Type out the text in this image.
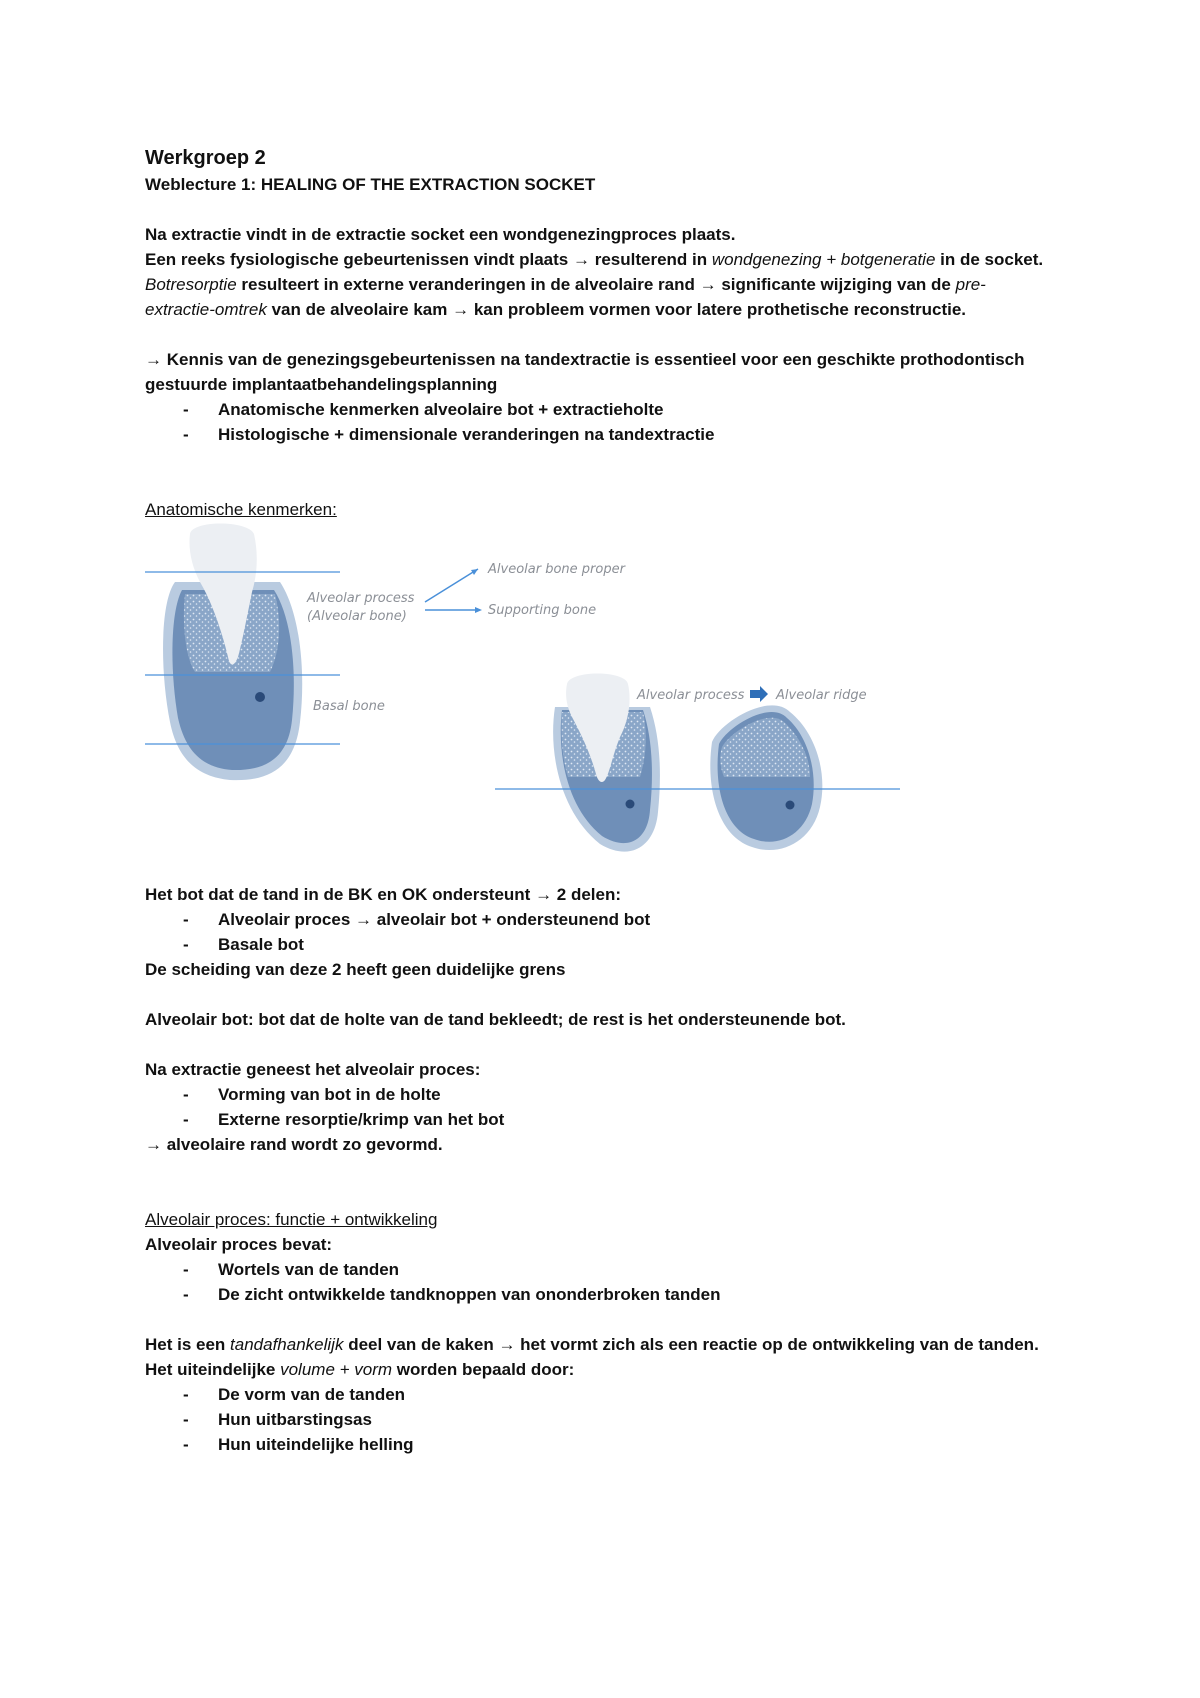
Werkgroep 2

Weblecture 1: HEALING OF THE EXTRACTION SOCKET

Na extractie vindt in de extractie socket een wondgenezingproces plaats.

Een reeks fysiologische gebeurtenissen vindt plaats → resulterend in wondgenezing + botgeneratie in de socket.

Botresorptie resulteert in externe veranderingen in de alveolaire rand → significante wijziging van de pre-extractie-omtrek van de alveolaire kam → kan probleem vormen voor latere prothetische reconstructie.

→ Kennis van de genezingsgebeurtenissen na tandextractie is essentieel voor een geschikte prothodontisch gestuurde implantaatbehandelingsplanning

- Anatomische kenmerken alveolaire bot + extractieholte
- Histologische + dimensionale veranderingen na tandextractie

Anatomische kenmerken:

Alveolar process
(Alveolar bone)
Basal bone
Alveolar bone proper
Supporting bone
Alveolar process Alveolar ridge

Het bot dat de tand in de BK en OK ondersteunt → 2 delen:

- Alveolair proces → alveolair bot + ondersteunend bot
- Basale bot

De scheiding van deze 2 heeft geen duidelijke grens

Alveolair bot: bot dat de holte van de tand bekleedt; de rest is het ondersteunende bot.

Na extractie geneest het alveolair proces:

- Vorming van bot in de holte
- Externe resorptie/krimp van het bot

→ alveolaire rand wordt zo gevormd.

Alveolair proces: functie + ontwikkeling

Alveolair proces bevat:

- Wortels van de tanden
- De zicht ontwikkelde tandknoppen van ononderbroken tanden

Het is een tandafhankelijk deel van de kaken → het vormt zich als een reactie op de ontwikkeling van de tanden. Het uiteindelijke volume + vorm worden bepaald door:

- De vorm van de tanden
- Hun uitbarstingsas
- Hun uiteindelijke helling
